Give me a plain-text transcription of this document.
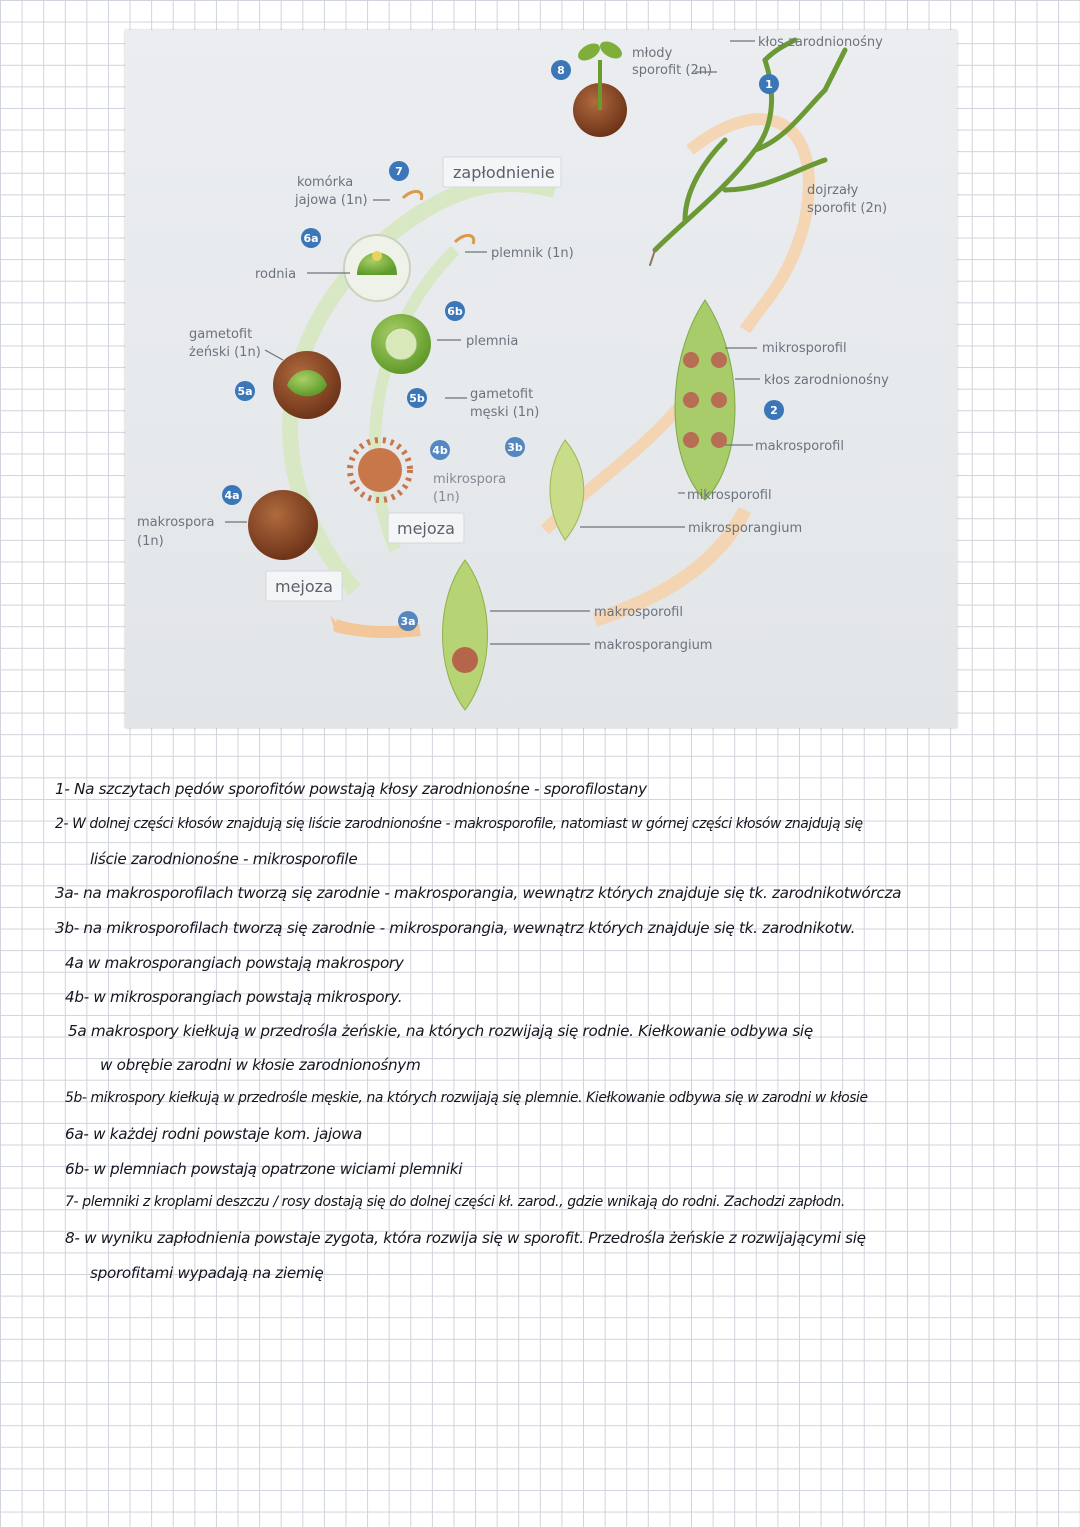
zapłodnienie
mejoza
mejoza
młody
sporofit (2n)
kłos zarodnionośny
dojrzały
sporofit (2n)
komórka
jajowa (1n)
plemnik (1n)
rodnia
plemnia
gametofit
żeński (1n)
gametofit
męski (1n)
mikrosporofil
kłos zarodnionośny
makrosporofil
mikrospora
(1n)
makrospora
(1n)
mikrosporofil
mikrosporangium
makrosporofil
makrosporangium
8
1
7
6a
6b
5a
5b
2
4b	3b
4a
3a

1- Na szczytach pędów sporofitów powstają kłosy zarodnionośne - sporofilostany

2- W dolnej części kłosów znajdują się liście zarodnionośne - makrosporofile, natomiast w górnej części kłosów znajdują się

liście zarodnionośne - mikrosporofile

3a- na makrosporofilach tworzą się zarodnie - makrosporangia, wewnątrz których znajduje się tk. zarodnikotwórcza

3b- na mikrosporofilach tworzą się zarodnie - mikrosporangia, wewnątrz których znajduje się tk. zarodnikotw.

4a w makrosporangiach powstają makrospory

4b- w mikrosporangiach powstają mikrospory.

5a makrospory kiełkują w przedrośla żeńskie, na których rozwijają się rodnie. Kiełkowanie odbywa się

w obrębie zarodni w kłosie zarodnionośnym

5b- mikrospory kiełkują w przedrośle męskie, na których rozwijają się plemnie. Kiełkowanie odbywa się w zarodni w kłosie

6a- w każdej rodni powstaje kom. jajowa

6b- w plemniach powstają opatrzone wiciami plemniki

7- plemniki z kroplami deszczu / rosy dostają się do dolnej części kł. zarod., gdzie wnikają do rodni. Zachodzi zapłodn.

8- w wyniku zapłodnienia powstaje zygota, która rozwija się w sporofit. Przedrośla żeńskie z rozwijającymi się

sporofitami wypadają na ziemię
